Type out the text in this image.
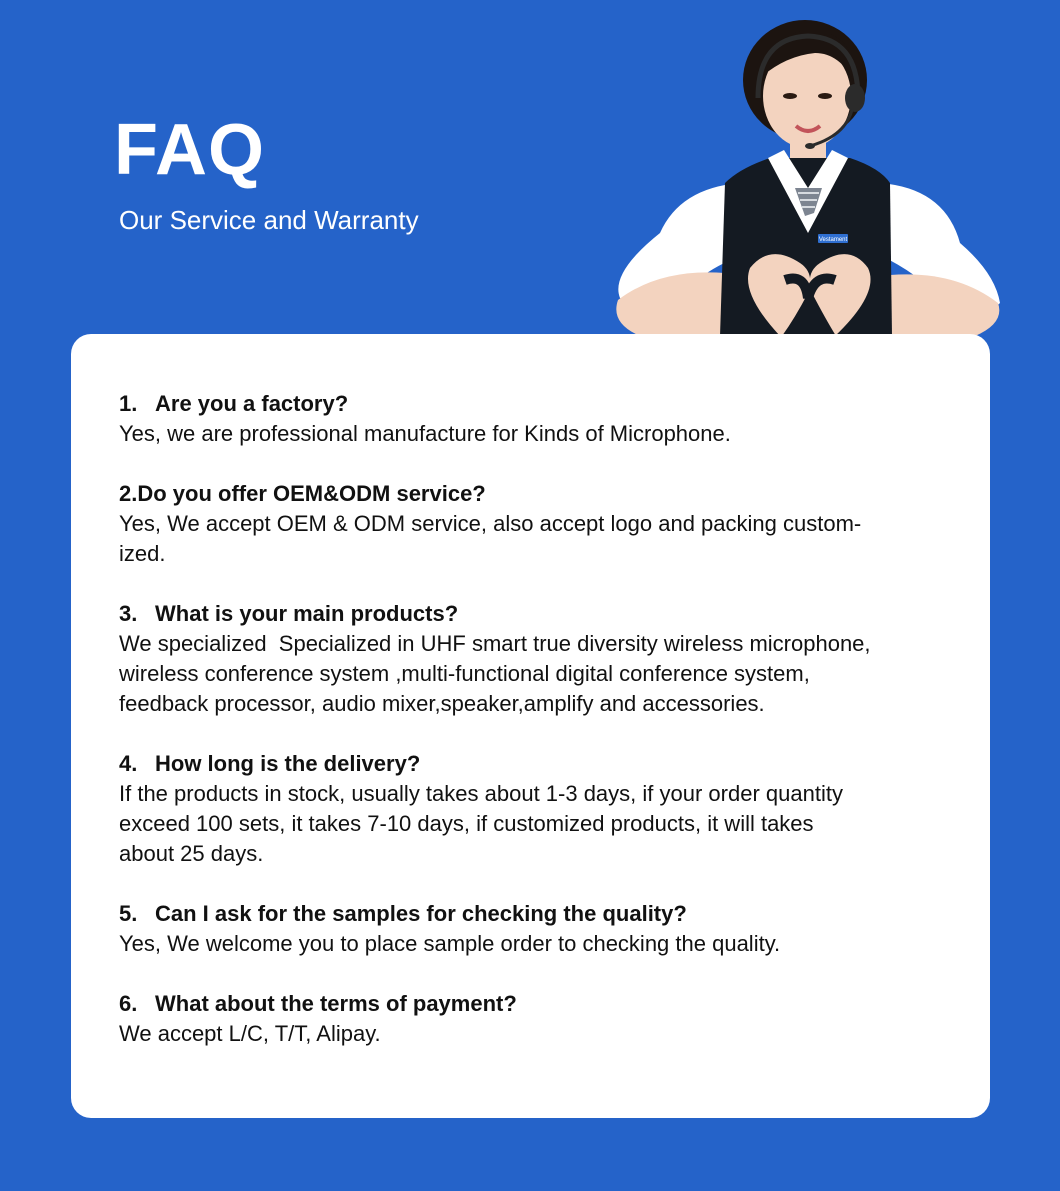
FAQ

Our Service and Warranty

Vestament

1. Are you a factory?

Yes, we are professional manufacture for Kinds of Microphone.

2.Do you offer OEM&ODM service?

Yes, We accept OEM & ODM service, also accept logo and packing custom-
ized.

3. What is your main products?

We specialized  Specialized in UHF smart true diversity wireless microphone,
wireless conference system ,multi-functional digital conference system,
feedback processor, audio mixer,speaker,amplify and accessories.

4. How long is the delivery?

If the products in stock, usually takes about 1-3 days, if your order quantity
exceed 100 sets, it takes 7-10 days, if customized products, it will takes
about 25 days.

5. Can I ask for the samples for checking the quality?

Yes, We welcome you to place sample order to checking the quality.

6. What about the terms of payment?

We accept L/C, T/T, Alipay.
